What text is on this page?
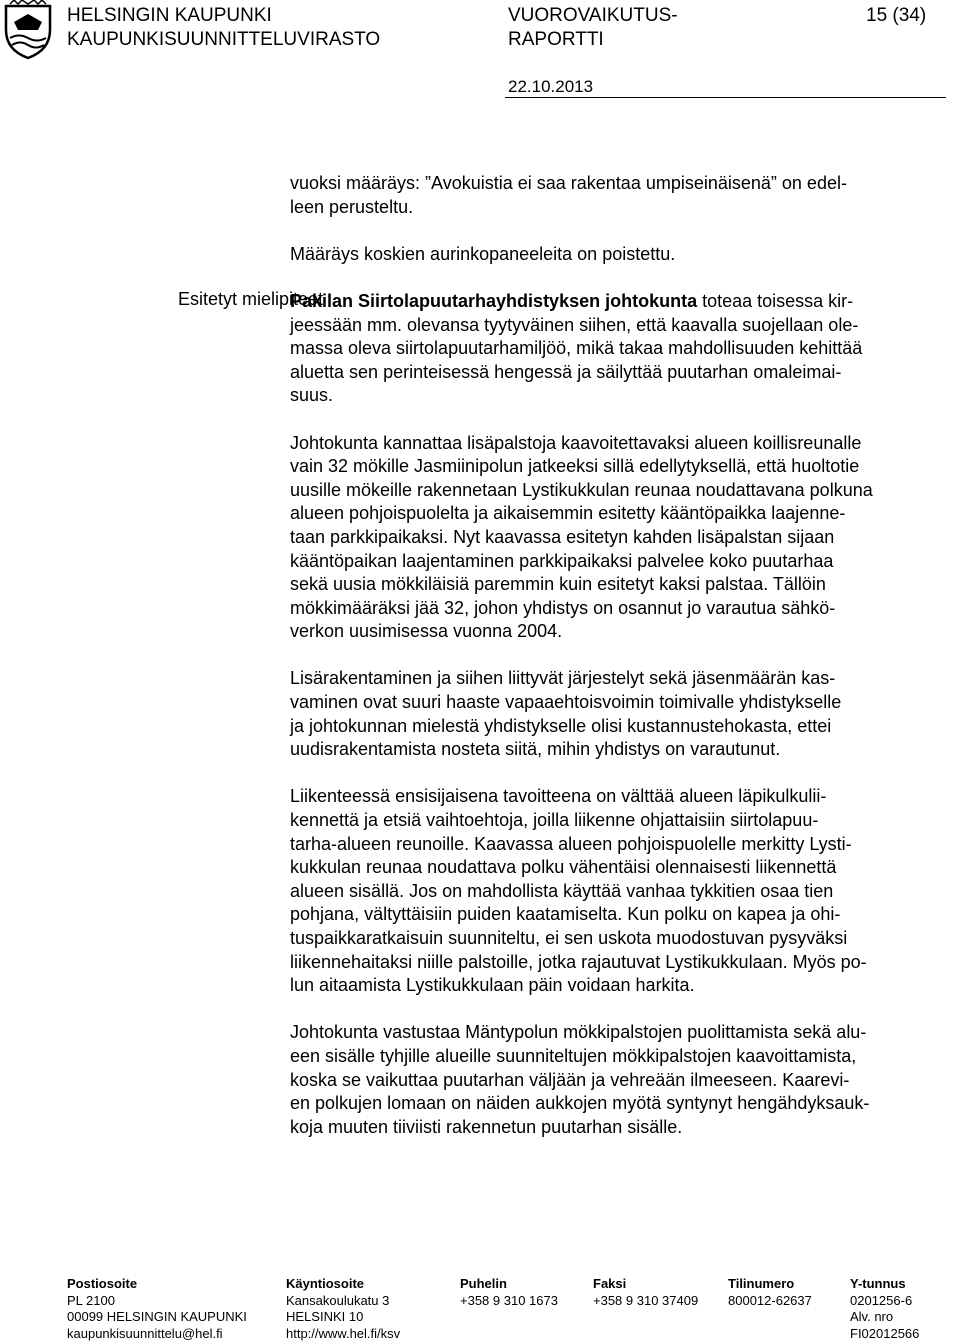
HELSINGIN KAUPUNKI
KAUPUNKISUUNNITTELUVIRASTO
VUOROVAIKUTUS-
RAPORTTI
15 (34)
22.10.2013
Esitetyt mielipiteet

vuoksi määräys: ”Avokuistia ei saa rakentaa umpiseinäisenä” on edel-
leen perusteltu.

Määräys koskien aurinkopaneeleita on poistettu.

Pakilan Siirtolapuutarhayhdistyksen johtokunta toteaa toisessa kir-
jeessään mm. olevansa tyytyväinen siihen, että kaavalla suojellaan ole-
massa oleva siirtolapuutarhamiljöö, mikä takaa mahdollisuuden kehittää
aluetta sen perinteisessä hengessä ja säilyttää puutarhan omaleimai-
suus.

Johtokunta kannattaa lisäpalstoja kaavoitettavaksi alueen koillisreunalle
vain 32 mökille Jasmiinipolun jatkeeksi sillä edellytyksellä, että huoltotie
uusille mökeille rakennetaan Lystikukkulan reunaa noudattavana polkuna
alueen pohjoispuolelta ja aikaisemmin esitetty kääntöpaikka laajenne-
taan parkkipaikaksi. Nyt kaavassa esitetyn kahden lisäpalstan sijaan
kääntöpaikan laajentaminen parkkipaikaksi palvelee koko puutarhaa
sekä uusia mökkiläisiä paremmin kuin esitetyt kaksi palstaa. Tällöin
mökkimääräksi jää 32, johon yhdistys on osannut jo varautua sähkö-
verkon uusimisessa vuonna 2004.

Lisärakentaminen ja siihen liittyvät järjestelyt sekä jäsenmäärän kas-
vaminen ovat suuri haaste vapaaehtoisvoimin toimivalle yhdistykselle
ja johtokunnan mielestä yhdistykselle olisi kustannustehokasta, ettei
uudisrakentamista nosteta siitä, mihin yhdistys on varautunut.

Liikenteessä ensisijaisena tavoitteena on välttää alueen läpikulkulii-
kennettä ja etsiä vaihtoehtoja, joilla liikenne ohjattaisiin siirtolapuu-
tarha-alueen reunoille. Kaavassa alueen pohjoispuolelle merkitty Lysti-
kukkulan reunaa noudattava polku vähentäisi olennaisesti liikennettä
alueen sisällä. Jos on mahdollista käyttää vanhaa tykkitien osaa tien
pohjana, vältyttäisiin puiden kaatamiselta. Kun polku on kapea ja ohi-
tuspaikkaratkaisuin suunniteltu, ei sen uskota muodostuvan pysyväksi
liikennehaitaksi niille palstoille, jotka rajautuvat Lystikukkulaan. Myös po-
lun aitaamista Lystikukkulaan päin voidaan harkita.

Johtokunta vastustaa Mäntypolun mökkipalstojen puolittamista sekä alu-
een sisälle tyhjille alueille suunniteltujen mökkipalstojen kaavoittamista,
koska se vaikuttaa puutarhan väljään ja vehreään ilmeeseen. Kaarevi-
en polkujen lomaan on näiden aukkojen myötä syntynyt hengähdyksauk-
koja muuten tiiviisti rakennetun puutarhan sisälle.

Postiosoite
PL 2100
00099 HELSINGIN KAUPUNKI
kaupunkisuunnittelu@hel.fi
Käyntiosoite
Kansakoulukatu 3
HELSINKI 10
http://www.hel.fi/ksv
Puhelin
+358 9 310 1673
Faksi
+358 9 310 37409
Tilinumero
800012-62637
Y-tunnus
0201256-6
Alv. nro
FI02012566
